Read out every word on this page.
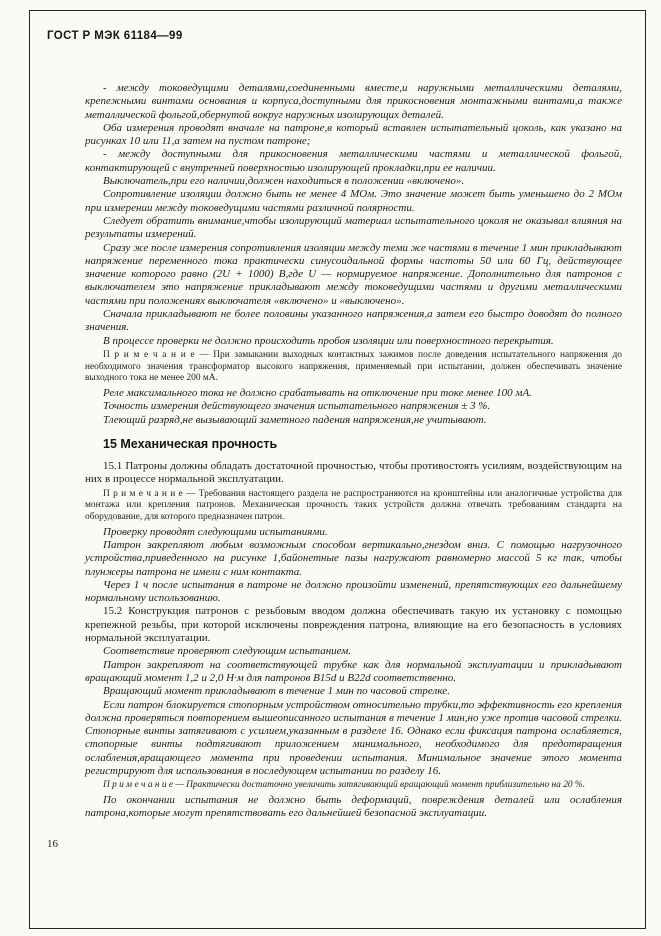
ГОСТ Р МЭК 61184—99

- между токоведущими деталями,соединенными вместе,и наружными металлическими деталями, крепежными винтами основания и корпуса,доступными для прикосновения монтажными винтами,а также металлической фольгой,обернутой вокруг наружных изолирующих деталей.

Оба измерения проводят вначале на патроне,в который вставлен испытательный цоколь, как указано на рисунках 10 или 11,а затем на пустом патроне;

- между доступными для прикосновения металлическими частями и металлической фольгой, контактирующей с внутренней поверхностью изолирующей прокладки,при ее наличии.

Выключатель,при его наличии,должен находиться в положении «включено».

Сопротивление изоляции должно быть не менее 4 МОм. Это значение может быть уменьшено до 2 МОм при измерении между токоведущими частями различной полярности.

Следует обратить внимание,чтобы изолирующий материал испытательного цоколя не оказывал влияния на результаты измерений.

Сразу же после измерения сопротивления изоляции между теми же частями в течение 1 мин прикладывают напряжение переменного тока практически синусоидальной формы частоты 50 или 60 Гц, действующее значение которого равно (2U + 1000) В,где U — нормируемое напряжение. Дополнительно для патронов с выключателем это напряжение прикладывают между токоведущими частями и другими металлическими частями при положениях выключателя «включено» и «выключено».

Сначала прикладывают не более половины указанного напряжения,а затем его быстро доводят до полного значения.

В процессе проверки не должно происходить пробоя изоляции или поверхностного перекрытия.

П р и м е ч а н и е — При замыкании выходных контактных зажимов после доведения испытательного напряжения до необходимого значения трансформатор высокого напряжения, применяемый при испытании, должен обеспечивать значение выходного тока не менее 200 мА.

Реле максимального тока не должно срабатывать на отключение при токе менее 100 мА.

Точность измерения действующего значения испытательного напряжения ± 3 %.

Тлеющий разряд,не вызывающий заметного падения напряжения,не учитывают.

15 Механическая прочность

15.1 Патроны должны обладать достаточной прочностью, чтобы противостоять усилиям, воздействующим на них в процессе нормальной эксплуатации.

П р и м е ч а н и е — Требования настоящего раздела не распространяются на кронштейны или аналогичные устройства для монтажа или крепления патронов. Механическая прочность таких устройств должна отвечать требованиям стандарта на оборудование, для которого предназначен патрон.

Проверку проводят следующими испытаниями.

Патрон закрепляют любым возможным способом вертикально,гнездом вниз. С помощью нагрузочного устройства,приведенного на рисунке 1,байонетные пазы нагружают равномерно массой 5 кг так, чтобы плунжеры патрона не имели с ним контакта.

Через 1 ч после испытания в патроне не должно произойти изменений, препятствующих его дальнейшему нормальному использованию.

15.2 Конструкция патронов с резьбовым вводом должна обеспечивать такую их установку с помощью крепежной резьбы, при которой исключены повреждения патрона, влияющие на его безопасность в условиях нормальной эксплуатации.

Соответствие проверяют следующим испытанием.

Патрон закрепляют на соответствующей трубке как для нормальной эксплуатации и прикладывают вращающий момент 1,2 и 2,0 Н·м для патронов B15d и B22d соответственно.

Вращающий момент прикладывают в течение 1 мин по часовой стрелке.

Если патрон блокируется стопорным устройством относительно трубки,то эффективность его крепления должна проверяться повторением вышеописанного испытания в течение 1 мин,но уже против часовой стрелки. Стопорные винты затягивают с усилием,указанным в разделе 16. Однако если фиксация патрона ослабляется, стопорные винты подтягивают приложением минимального, необходимого для предотвращения ослабления,вращающего момента при проведении испытания. Минимальное значение этого момента регистрируют для использования в последующем испытании по разделу 16.

П р и м е ч а н и е — Практически достаточно увеличить затягивающий вращающий момент приблизительно на 20 %.

По окончании испытания не должно быть деформаций, повреждения деталей или ослабления патрона,которые могут препятствовать его дальнейшей безопасной эксплуатации.

16
